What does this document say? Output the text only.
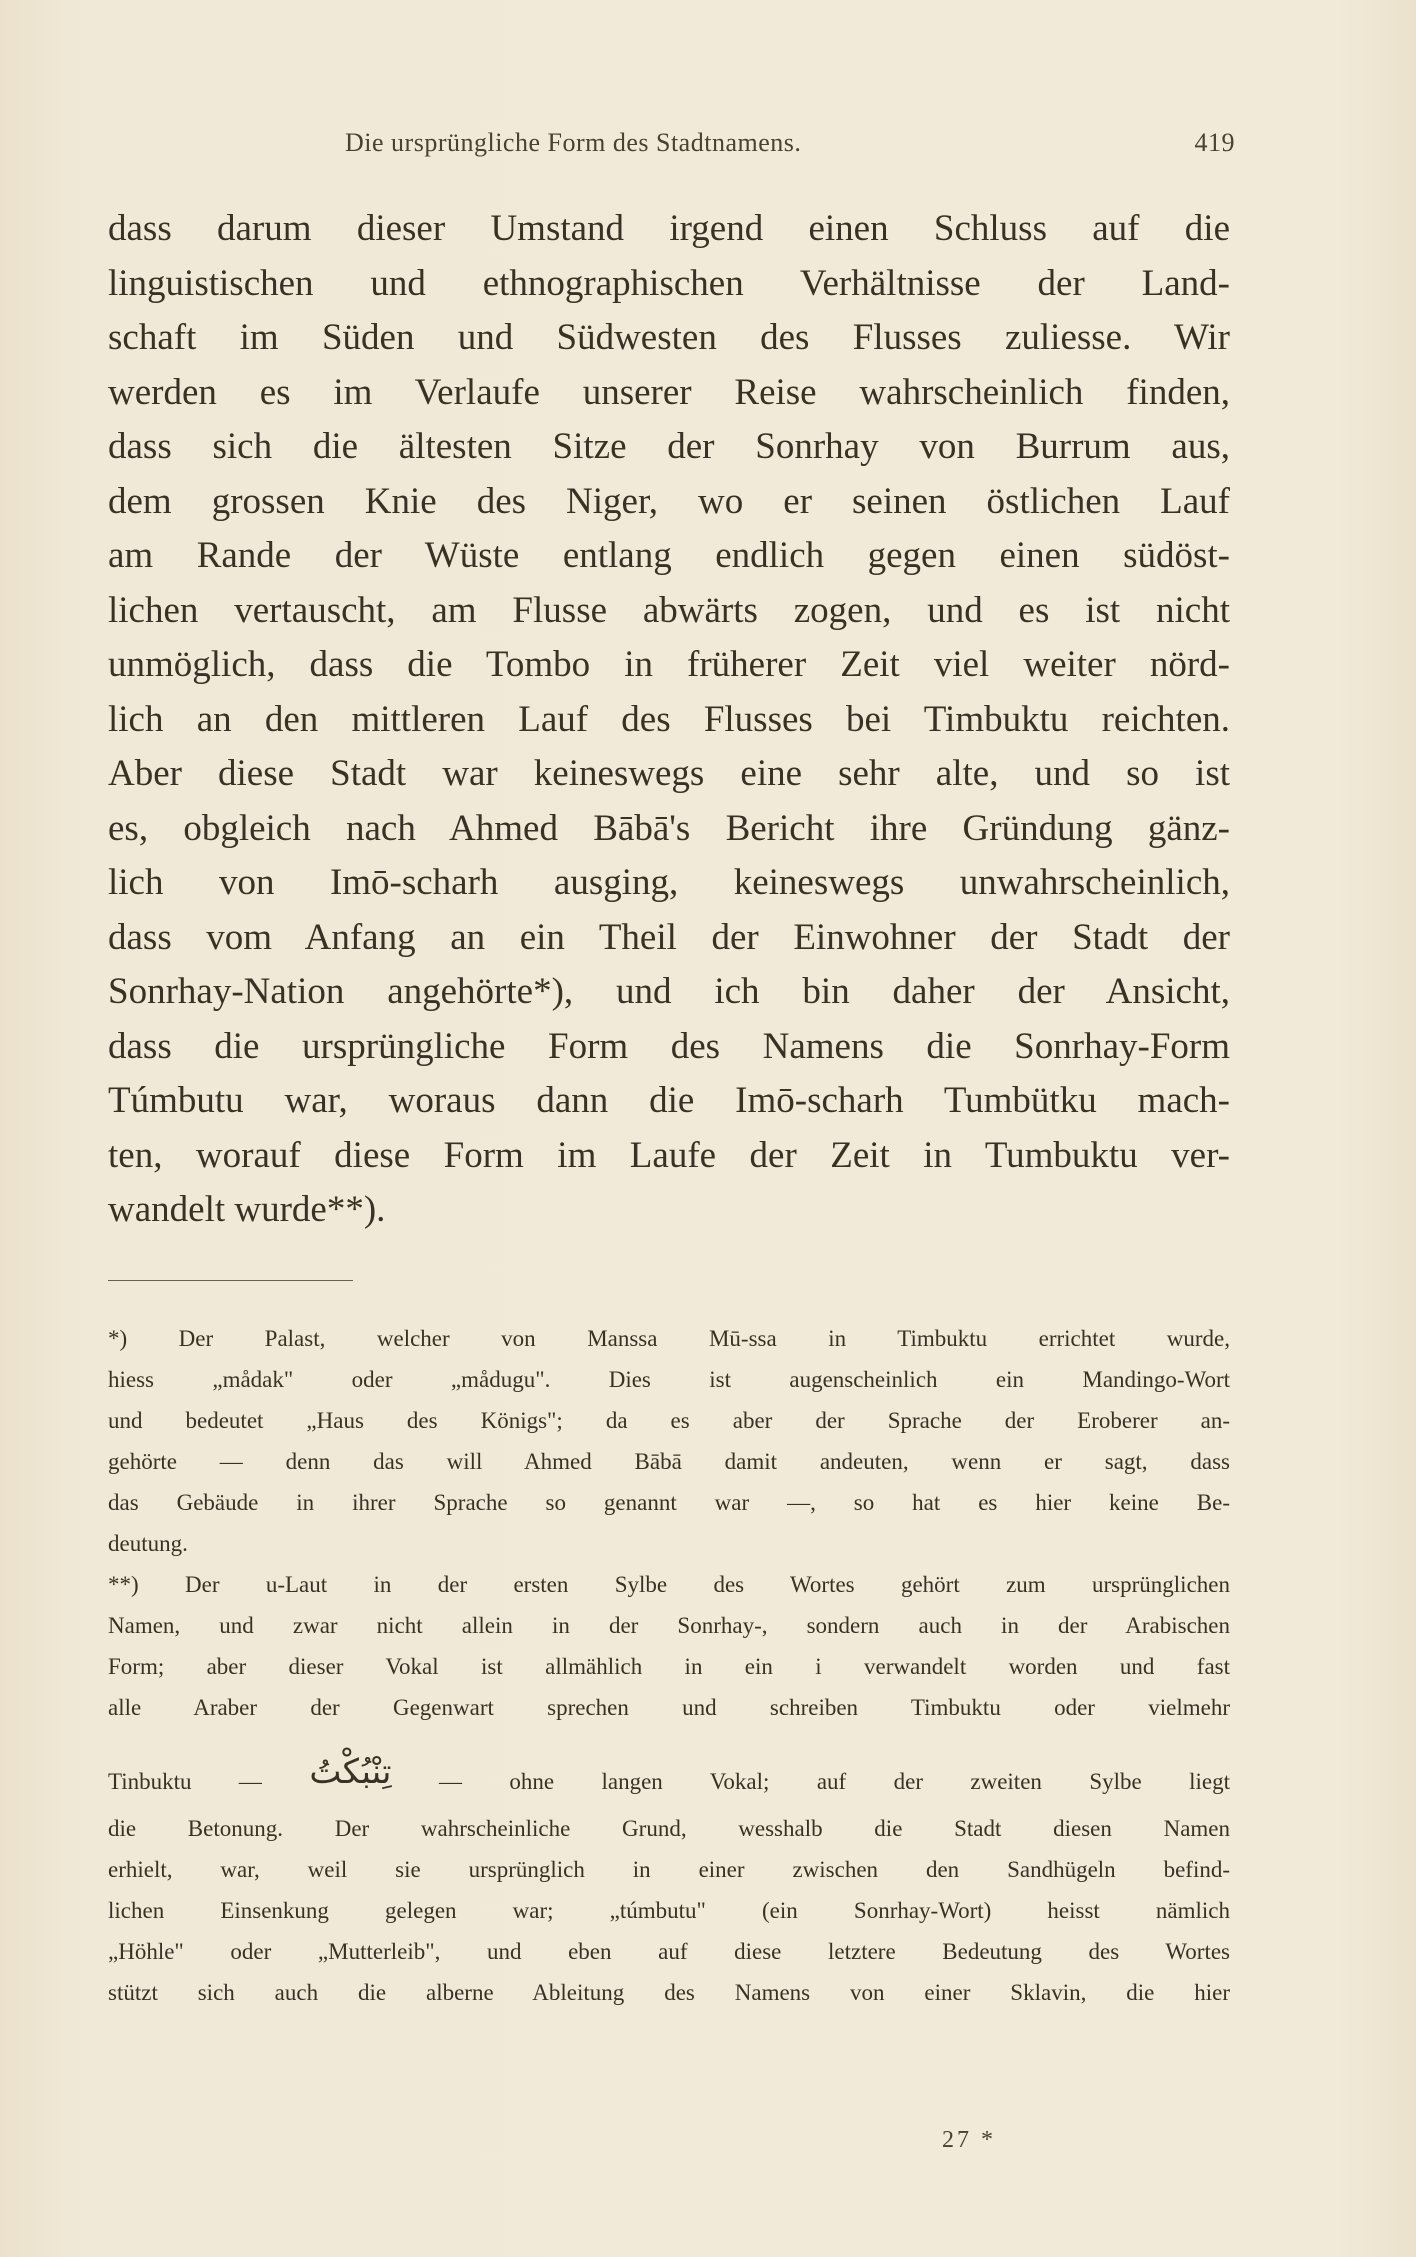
Die ursprüngliche Form des Stadtnamens.	419
dass darum dieser Umstand irgend einen Schluss auf die
linguistischen und ethnographischen Verhältnisse der Land-
schaft im Süden und Südwesten des Flusses zuliesse. Wir
werden es im Verlaufe unserer Reise wahrscheinlich finden,
dass sich die ältesten Sitze der Sonrhay von Burrum aus,
dem grossen Knie des Niger, wo er seinen östlichen Lauf
am Rande der Wüste entlang endlich gegen einen südöst-
lichen vertauscht, am Flusse abwärts zogen, und es ist nicht
unmöglich, dass die Tombo in früherer Zeit viel weiter nörd-
lich an den mittleren Lauf des Flusses bei Timbuktu reichten.
Aber diese Stadt war keineswegs eine sehr alte, und so ist
es, obgleich nach Ahmed Bābā's Bericht ihre Gründung gänz-
lich von Imō-scharh ausging, keineswegs unwahrscheinlich,
dass vom Anfang an ein Theil der Einwohner der Stadt der
Sonrhay-Nation angehörte*), und ich bin daher der Ansicht,
dass die ursprüngliche Form des Namens die Sonrhay-Form
Túmbutu war, woraus dann die Imō-scharh Tumbütku mach-
ten, worauf diese Form im Laufe der Zeit in Tumbuktu ver-
wandelt wurde**).
*) Der Palast, welcher von Manssa Mū-ssa in Timbuktu errichtet wurde,
hiess „mådak" oder „mådugu". Dies ist augenscheinlich ein Mandingo-Wort
und bedeutet „Haus des Königs"; da es aber der Sprache der Eroberer an-
gehörte — denn das will Ahmed Bābā damit andeuten, wenn er sagt, dass
das Gebäude in ihrer Sprache so genannt war —, so hat es hier keine Be-
deutung.
**) Der u-Laut in der ersten Sylbe des Wortes gehört zum ursprünglichen
Namen, und zwar nicht allein in der Sonrhay-, sondern auch in der Arabischen
Form; aber dieser Vokal ist allmählich in ein i verwandelt worden und fast
alle Araber der Gegenwart sprechen und schreiben Timbuktu oder vielmehr
Tinbuktu — تِنْبُكْتُ — ohne langen Vokal; auf der zweiten Sylbe liegt
die Betonung. Der wahrscheinliche Grund, wesshalb die Stadt diesen Namen
erhielt, war, weil sie ursprünglich in einer zwischen den Sandhügeln befind-
lichen Einsenkung gelegen war; „túmbutu" (ein Sonrhay-Wort) heisst nämlich
„Höhle" oder „Mutterleib", und eben auf diese letztere Bedeutung des Wortes
stützt sich auch die alberne Ableitung des Namens von einer Sklavin, die hier
27 *
